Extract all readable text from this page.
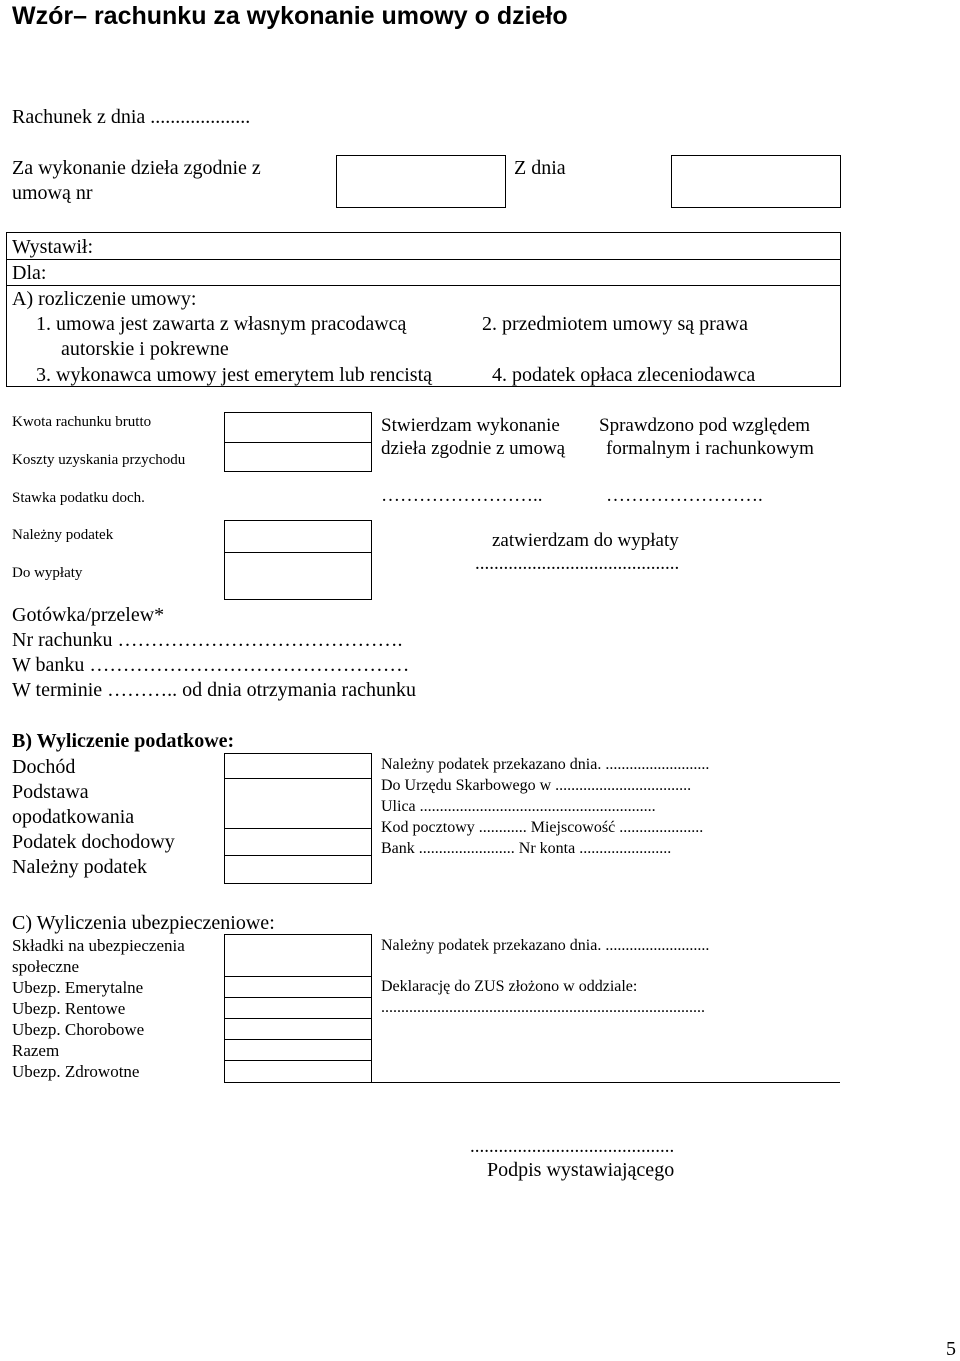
Wzór– rachunku za wykonanie umowy o dzieło
Rachunek z dnia ....................
Za wykonanie dzieła zgodnie z
umową nr
Z dnia
Wystawił:
Dla:
A) rozliczenie umowy:
1. umowa jest zawarta z własnym pracodawcą	2. przedmiotem umowy są prawa
autorskie i pokrewne
3. wykonawca umowy jest emerytem lub rencistą	4. podatek opłaca zleceniodawca
Kwota rachunku brutto
Koszty uzyskania przychodu
Stawka podatku doch.
Należny podatek
Do wypłaty
Stwierdzam wykonanie
dzieła zgodnie z umową
Sprawdzono pod względem
formalnym i rachunkowym
……………………..	…………………….
zatwierdzam do wypłaty
...........................................
Gotówka/przelew*
Nr rachunku …………………………………….
W banku …………………………………………
W terminie ……….. od dnia otrzymania rachunku
B) Wyliczenie podatkowe:
Dochód
Podstawa
opodatkowania
Podatek dochodowy
Należny podatek
Należny podatek przekazano dnia. ..........................
Do Urzędu Skarbowego w ..................................
Ulica ...........................................................
Kod pocztowy ............ Miejscowość .....................
Bank ........................ Nr konta .......................
C) Wyliczenia ubezpieczeniowe:
Składki na ubezpieczenia
społeczne
Ubezp. Emerytalne
Ubezp. Rentowe
Ubezp. Chorobowe
Razem
Ubezp. Zdrowotne
Należny podatek przekazano dnia. ..........................
Deklarację do ZUS złożono w oddziale:
.................................................................................
...........................................
Podpis wystawiającego
5
